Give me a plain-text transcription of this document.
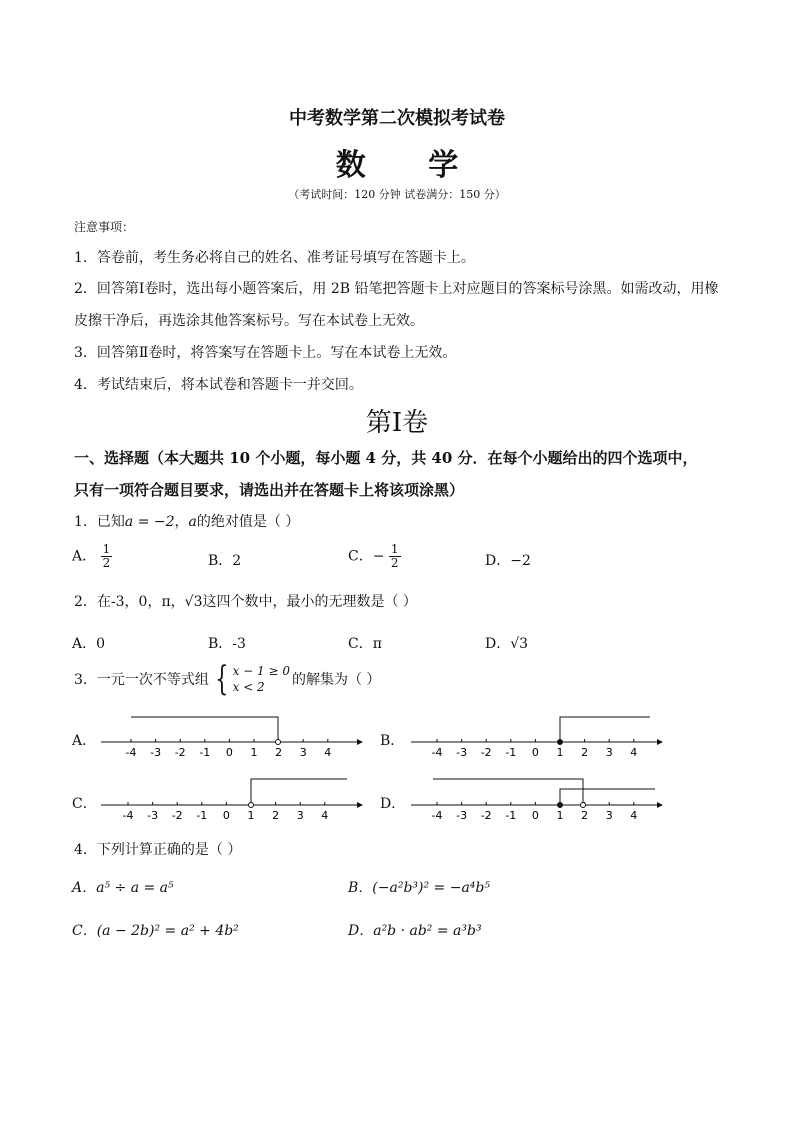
中考数学第二次模拟考试卷
数 学
（考试时间：120 分钟 试卷满分：150 分）
注意事项：
1．答卷前，考生务必将自己的姓名、准考证号填写在答题卡上。
2．回答第Ⅰ卷时，选出每小题答案后，用 2B 铅笔把答题卡上对应题目的答案标号涂黑。如需改动，用橡
皮擦干净后，再选涂其他答案标号。写在本试卷上无效。
3．回答第Ⅱ卷时，将答案写在答题卡上。写在本试卷上无效。
4．考试结束后，将本试卷和答题卡一并交回。
第Ⅰ卷
一、选择题（本大题共 10 个小题，每小题 4 分，共 40 分．在每个小题给出的四个选项中，
只有一项符合题目要求，请选出并在答题卡上将该项涂黑）
1．已知a = −2，a的绝对值是（ ）
A． $\frac{1}{2}$	B．2	C．− $\frac{1}{2}$	D．−2
2．在-3，0，π，√3这四个数中，最小的无理数是（ ）
A．0	B．-3	C．π	D．√3
3．一元一次不等式组 { x − 1 ≥ 0
x < 2	的解集为（ ）
A．	B．
C．	D．
-4 -3 -2 -1 0 1 2 3 4	-4 -3 -2 -1 0 1 2 3 4
-4 -3 -2 -1 0 1 2 3 4	-4 -3 -2 -1 0 1 2 3 4
4．下列计算正确的是（ ）
A．a⁵ ÷ a = a⁵	B．(−a²b³)² = −a⁴b⁵
C．(a − 2b)² = a² + 4b²	D．a²b · ab² = a³b³
